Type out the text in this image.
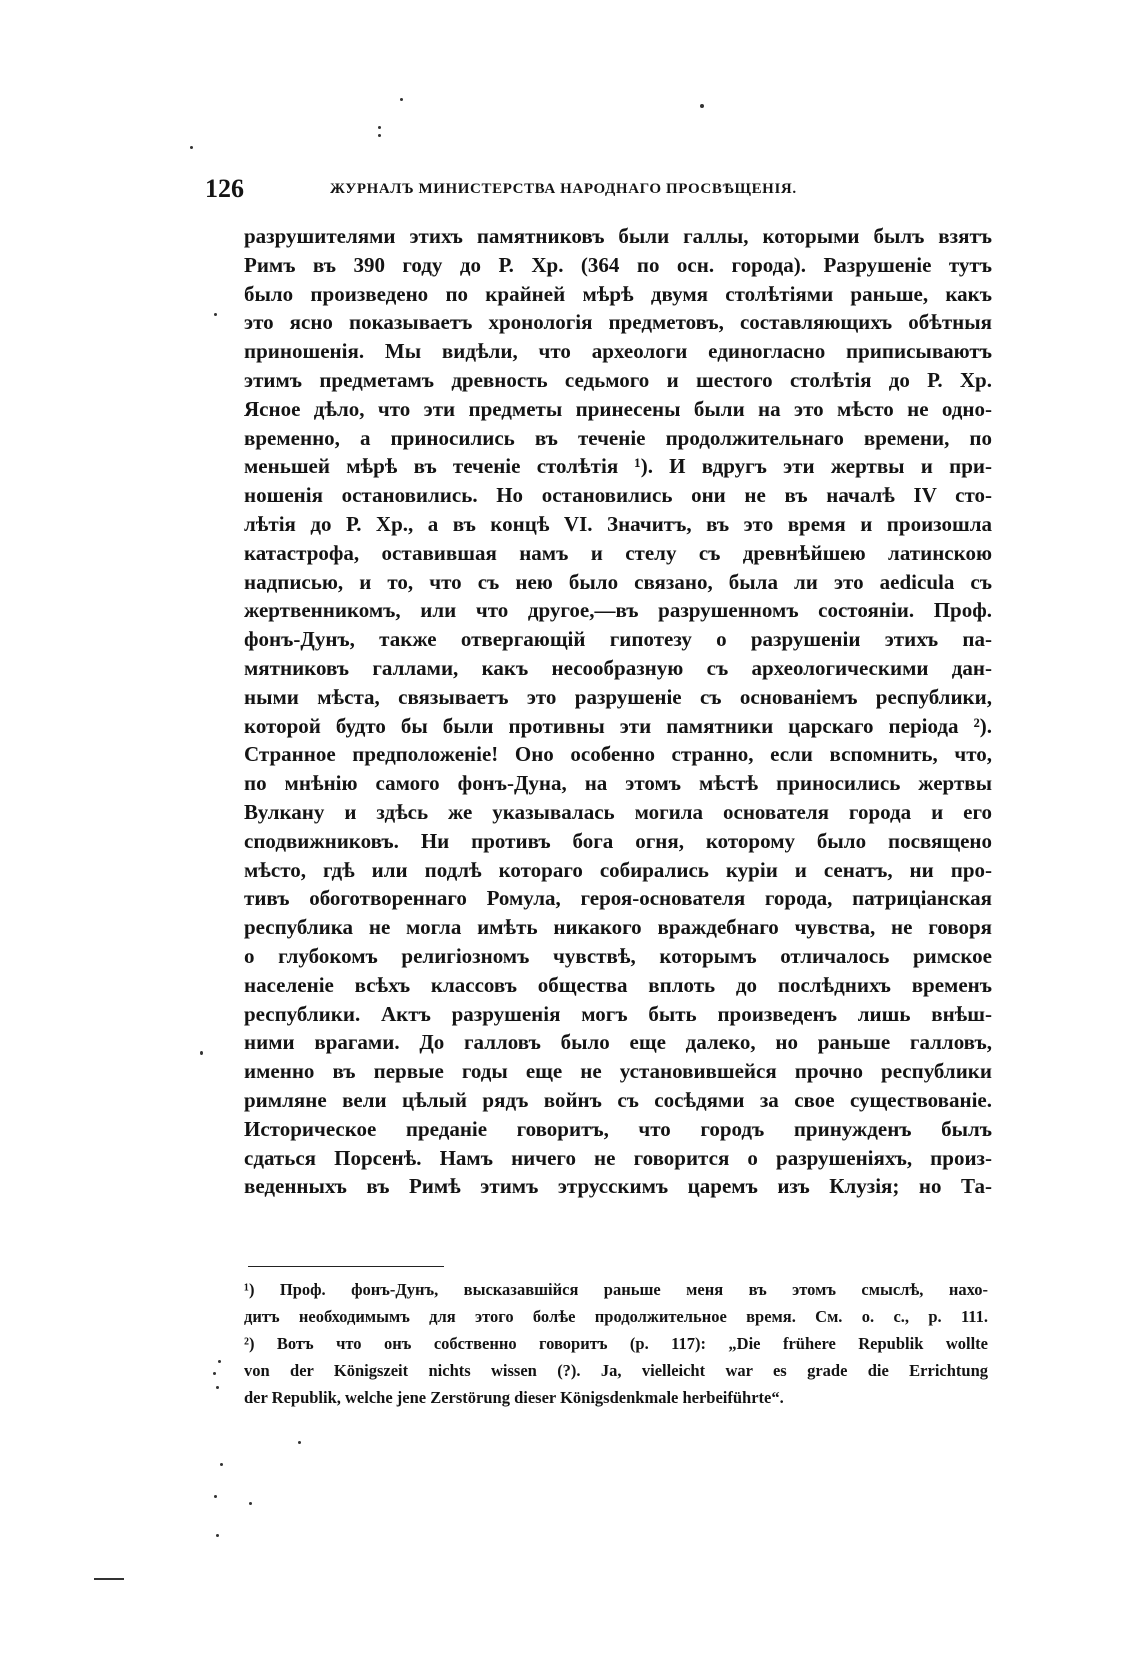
126	ЖУРНАЛЪ МИНИСТЕРСТВА НАРОДНАГО ПРОСВѢЩЕНІЯ.
разрушителями этихъ памятниковъ были галлы, которыми былъ взятъ
Римъ въ 390 году до Р. Хр. (364 по осн. города). Разрушеніе тутъ
было произведено по крайней мѣрѣ двумя столѣтіями раньше, какъ
это ясно показываетъ хронологія предметовъ, составляющихъ обѣтныя
приношенія. Мы видѣли, что археологи единогласно приписываютъ
этимъ предметамъ древность седьмого и шестого столѣтія до Р. Хр.
Ясное дѣло, что эти предметы принесены были на это мѣсто не одно-
временно, а приносились въ теченіе продолжительнаго времени, по
меньшей мѣрѣ въ теченіе столѣтія ¹). И вдругъ эти жертвы и при-
ношенія остановились. Но остановились они не въ началѣ IV сто-
лѣтія до Р. Хр., а въ концѣ VI. Значитъ, въ это время и произошла
катастрофа, оставившая намъ и стелу съ древнѣйшею латинскою
надписью, и то, что съ нею было связано, была ли это aedicula съ
жертвенникомъ, или что другое,—въ разрушенномъ состояніи. Проф.
фонъ-Дунъ, также отвергающій гипотезу о разрушеніи этихъ па-
мятниковъ галлами, какъ несообразную съ археологическими дан-
ными мѣста, связываетъ это разрушеніе съ основаніемъ республики,
которой будто бы были противны эти памятники царскаго періода ²).
Странное предположеніе! Оно особенно странно, если вспомнить, что,
по мнѣнію самого фонъ-Дуна, на этомъ мѣстѣ приносились жертвы
Вулкану и здѣсь же указывалась могила основателя города и его
сподвижниковъ. Ни противъ бога огня, которому было посвящено
мѣсто, гдѣ или подлѣ котораго собирались куріи и сенатъ, ни про-
тивъ обоготвореннаго Ромула, героя-основателя города, патриціанская
республика не могла имѣть никакого враждебнаго чувства, не говоря
о глубокомъ религіозномъ чувствѣ, которымъ отличалось римское
населеніе всѣхъ классовъ общества вплоть до послѣднихъ временъ
республики. Актъ разрушенія могъ быть произведенъ лишь внѣш-
ними врагами. До галловъ было еще далеко, но раньше галловъ,
именно въ первые годы еще не установившейся прочно республики
римляне вели цѣлый рядъ войнъ съ сосѣдями за свое существованіе.
Историческое преданіе говоритъ, что городъ принужденъ былъ
сдаться Порсенѣ. Намъ ничего не говорится о разрушеніяхъ, произ-
веденныхъ въ Римѣ этимъ этрусскимъ царемъ изъ Клузія; но Та-
¹) Проф. фонъ-Дунъ, высказавшійся раньше меня въ этомъ смыслѣ, нахо-
дитъ необходимымъ для этого болѣе продолжительное время. См. о. с., р. 111.
²) Вотъ что онъ собственно говоритъ (р. 117): „Die frühere Republik wollte
von der Königszeit nichts wissen (?). Ja, vielleicht war es grade die Errichtung
der Republik, welche jene Zerstörung dieser Königsdenkmale herbeiführte“.
